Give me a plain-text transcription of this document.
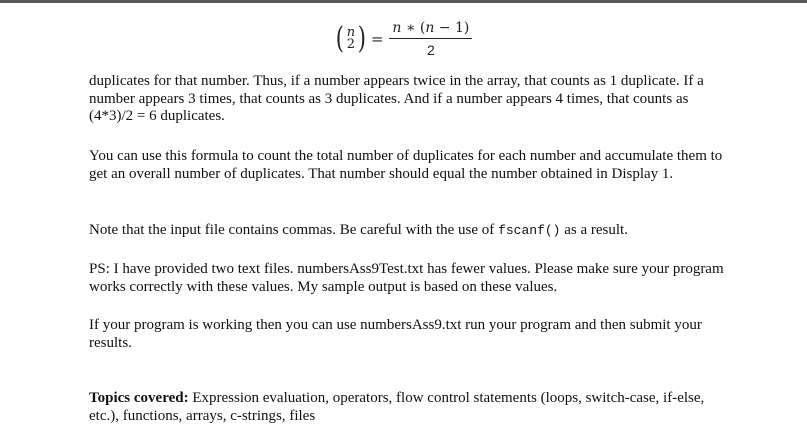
( n
2 ) = $\frac{n ∗ (n - 1)}{2}$

duplicates for that number. Thus, if a number appears twice in the array, that counts as 1 duplicate. If a number appears 3 times, that counts as 3 duplicates. And if a number appears 4 times, that counts as (4*3)/2 = 6 duplicates.

You can use this formula to count the total number of duplicates for each number and accumulate them to get an overall number of duplicates. That number should equal the number obtained in Display 1.

Note that the input file contains commas. Be careful with the use of fscanf() as a result.

PS: I have provided two text files. numbersAss9Test.txt has fewer values. Please make sure your program works correctly with these values. My sample output is based on these values.

If your program is working then you can use numbersAss9.txt run your program and then submit your results.

Topics covered: Expression evaluation, operators, flow control statements (loops, switch-case, if-else, etc.), functions, arrays, c-strings, files
